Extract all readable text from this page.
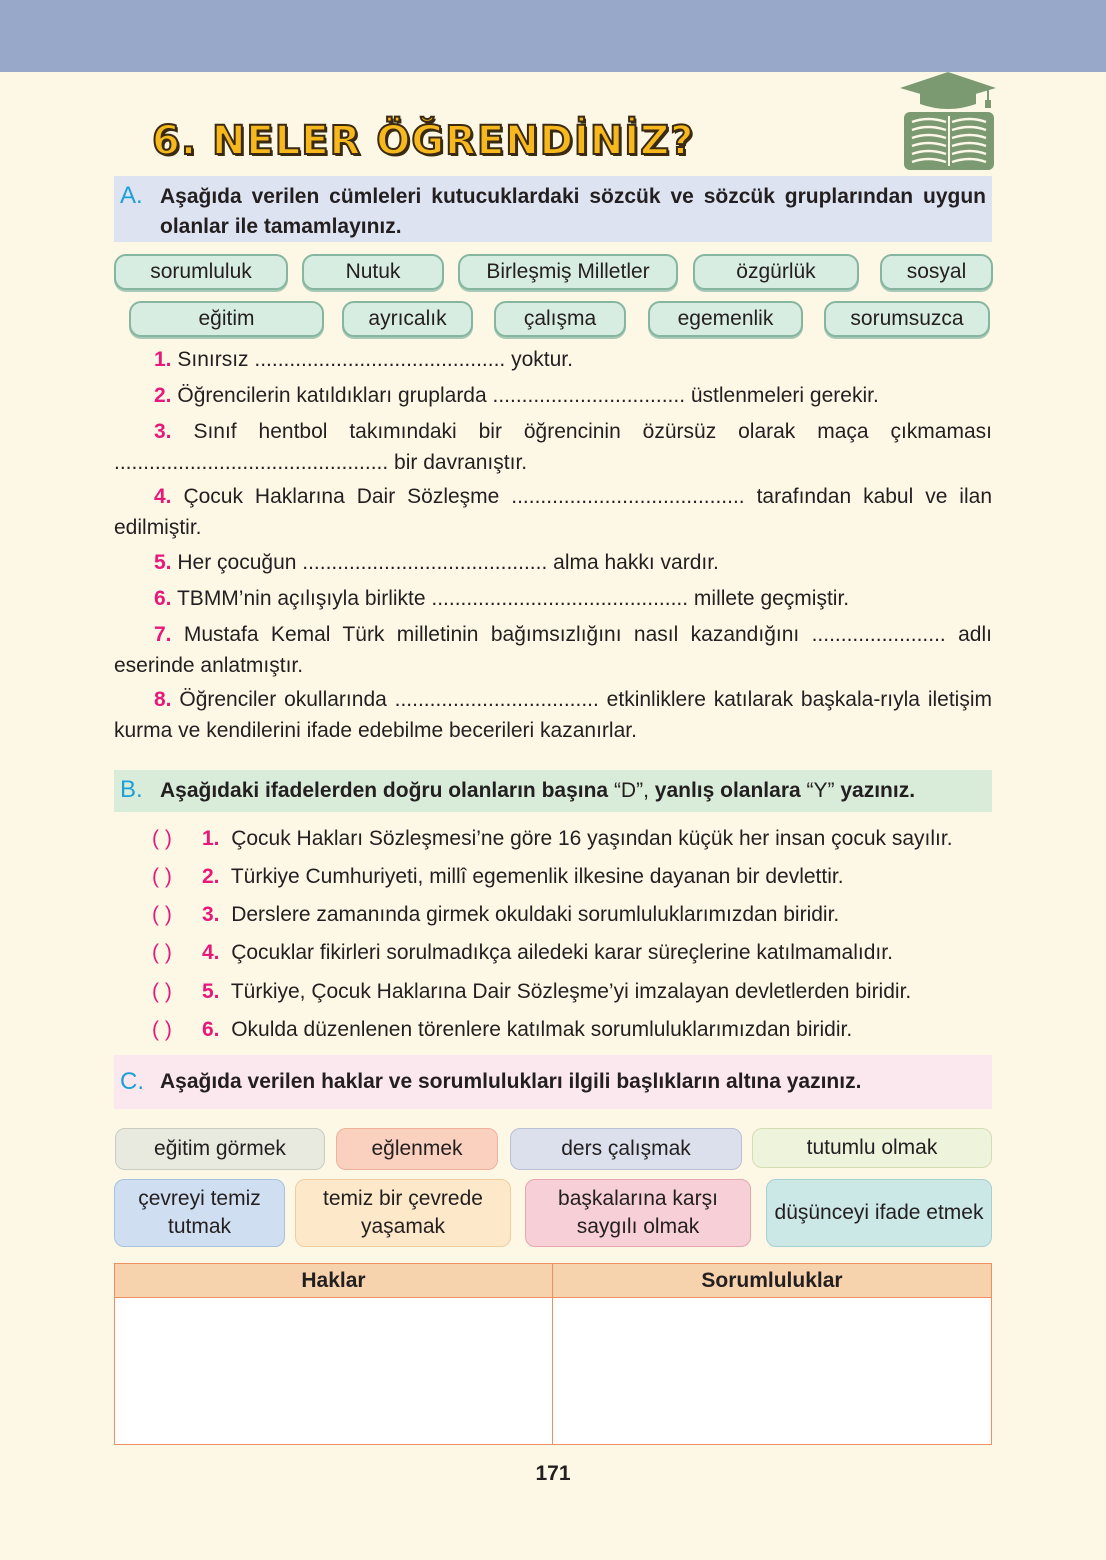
6. NELER ÖĞRENDİNİZ?
A. Aşağıda verilen cümleleri kutucuklardaki sözcük ve sözcük gruplarından uygun olanlar ile tamamlayınız.
sorumluluk	Nutuk	Birleşmiş Milletler	özgürlük	sosyal
eğitim	ayrıcalık	çalışma	egemenlik	sorumsuzca
1. Sınırsız ........................................... yoktur.
2. Öğrencilerin katıldıkları gruplarda ................................. üstlenmeleri gerekir.
3. Sınıf hentbol takımındaki bir öğrencinin özürsüz olarak maça çıkmaması ............................................... bir davranıştır.
4. Çocuk Haklarına Dair Sözleşme ........................................ tarafından kabul ve ilan edilmiştir.
5. Her çocuğun .......................................... alma hakkı vardır.
6. TBMM’nin açılışıyla birlikte ............................................ millete geçmiştir.
7. Mustafa Kemal Türk milletinin bağımsızlığını nasıl kazandığını ....................... adlı eserinde anlatmıştır.
8. Öğrenciler okullarında ................................... etkinliklere katılarak başkala-rıyla iletişim kurma ve kendilerini ifade edebilme becerileri kazanırlar.
B. Aşağıdaki ifadelerden doğru olanların başına “D”, yanlış olanlara “Y” yazınız.
( ) 1. Çocuk Hakları Sözleşmesi’ne göre 16 yaşından küçük her insan çocuk sayılır.
( ) 2. Türkiye Cumhuriyeti, millî egemenlik ilkesine dayanan bir devlettir.
( ) 3. Derslere zamanında girmek okuldaki sorumluluklarımızdan biridir.
( ) 4. Çocuklar fikirleri sorulmadıkça ailedeki karar süreçlerine katılmamalıdır.
( ) 5. Türkiye, Çocuk Haklarına Dair Sözleşme’yi imzalayan devletlerden biridir.
( ) 6. Okulda düzenlenen törenlere katılmak sorumluluklarımızdan biridir.
C. Aşağıda verilen haklar ve sorumlulukları ilgili başlıkların altına yazınız.
eğitim görmek	eğlenmek	ders çalışmak	tutumlu olmak
çevreyi temiz tutmak
temiz bir çevrede yaşamak
başkalarına karşı saygılı olmak
düşünceyi ifade etmek
Haklar	Sorumluluklar
171
